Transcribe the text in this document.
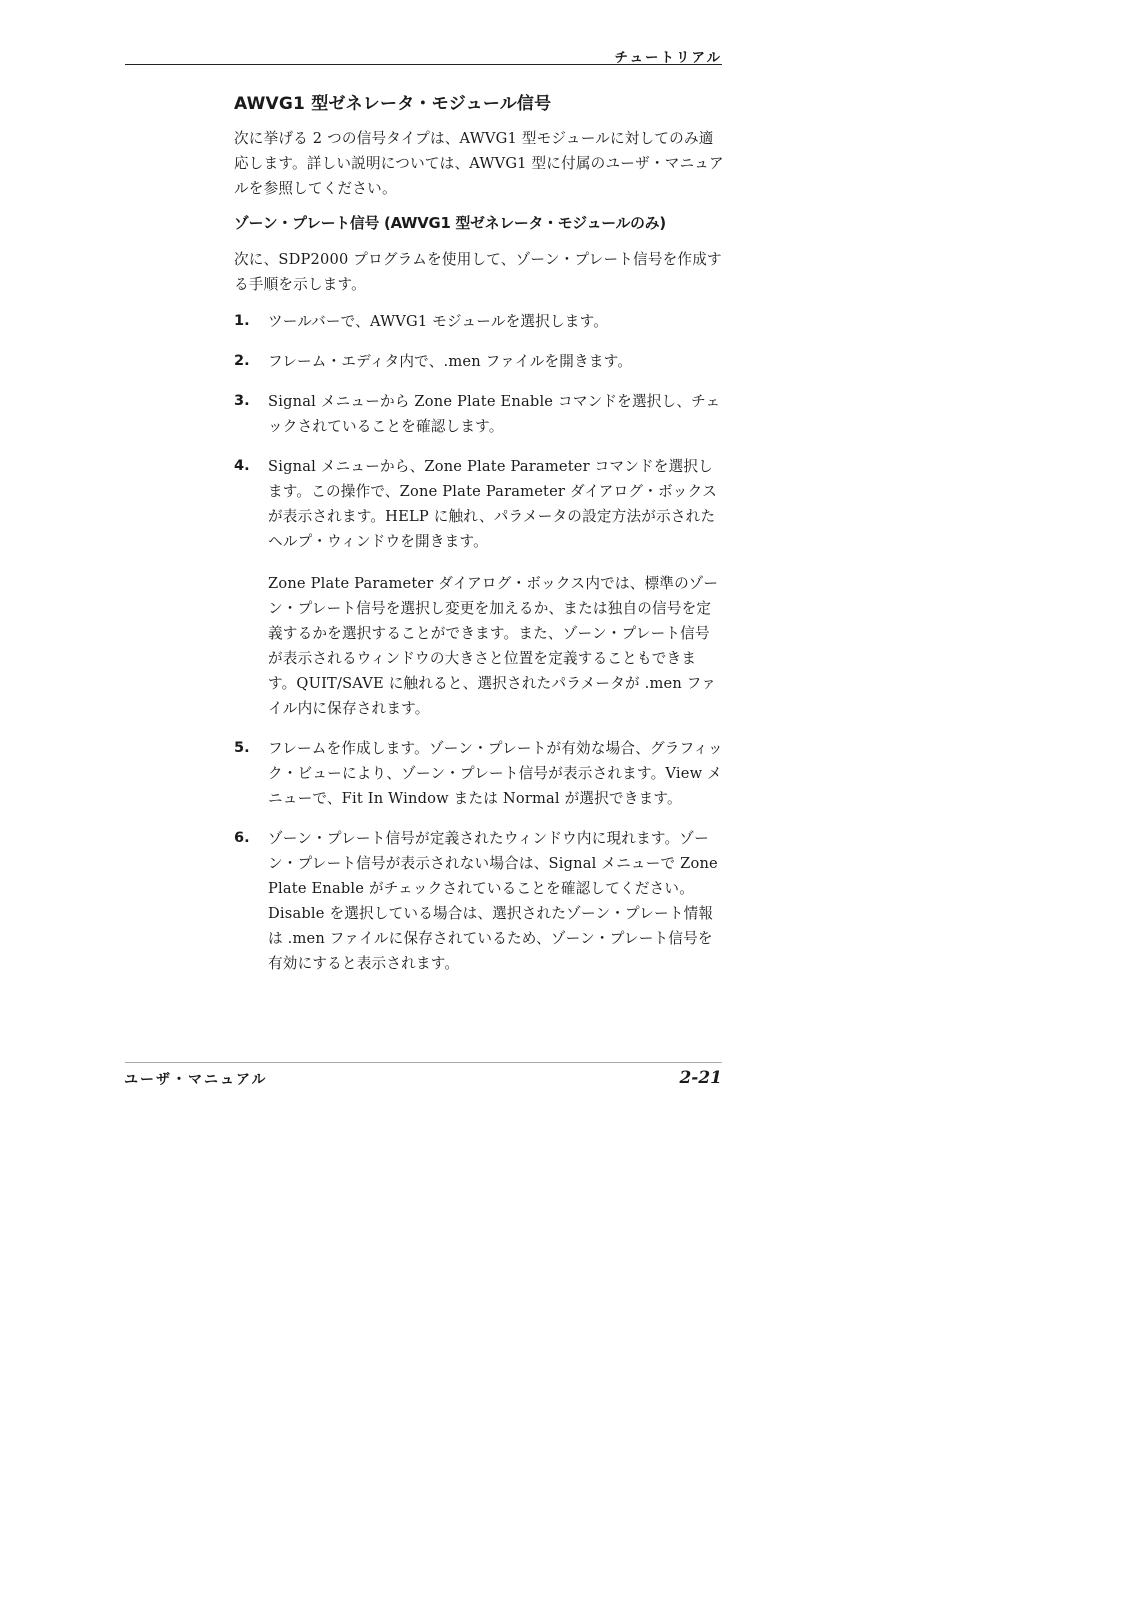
チュートリアル
AWVG1 型ゼネレータ・モジュール信号

次に挙げる 2 つの信号タイプは、AWVG1 型モジュールに対してのみ適応します。詳しい説明については、AWVG1 型に付属のユーザ・マニュアルを参照してください。

ゾーン・プレート信号 (AWVG1 型ゼネレータ・モジュールのみ)

次に、SDP2000 プログラムを使用して、ゾーン・プレート信号を作成する手順を示します。

1. ツールバーで、AWVG1 モジュールを選択します。

2. フレーム・エディタ内で、.men ファイルを開きます。

3. Signal メニューから Zone Plate Enable コマンドを選択し、チェックされていることを確認します。

4. Signal メニューから、Zone Plate Parameter コマンドを選択します。この操作で、Zone Plate Parameter ダイアログ・ボックスが表示されます。HELP に触れ、パラメータの設定方法が示されたヘルプ・ウィンドウを開きます。

Zone Plate Parameter ダイアログ・ボックス内では、標準のゾーン・プレート信号を選択し変更を加えるか、または独自の信号を定義するかを選択することができます。また、ゾーン・プレート信号が表示されるウィンドウの大きさと位置を定義することもできます。QUIT/SAVE に触れると、選択されたパラメータが .men ファイル内に保存されます。

5. フレームを作成します。ゾーン・プレートが有効な場合、グラフィック・ビューにより、ゾーン・プレート信号が表示されます。View メニューで、Fit In Window または Normal が選択できます。

6. ゾーン・プレート信号が定義されたウィンドウ内に現れます。ゾーン・プレート信号が表示されない場合は、Signal メニューで Zone Plate Enable がチェックされていることを確認してください。Disable を選択している場合は、選択されたゾーン・プレート情報は .men ファイルに保存されているため、ゾーン・プレート信号を有効にすると表示されます。

ユーザ・マニュアル	2-21
